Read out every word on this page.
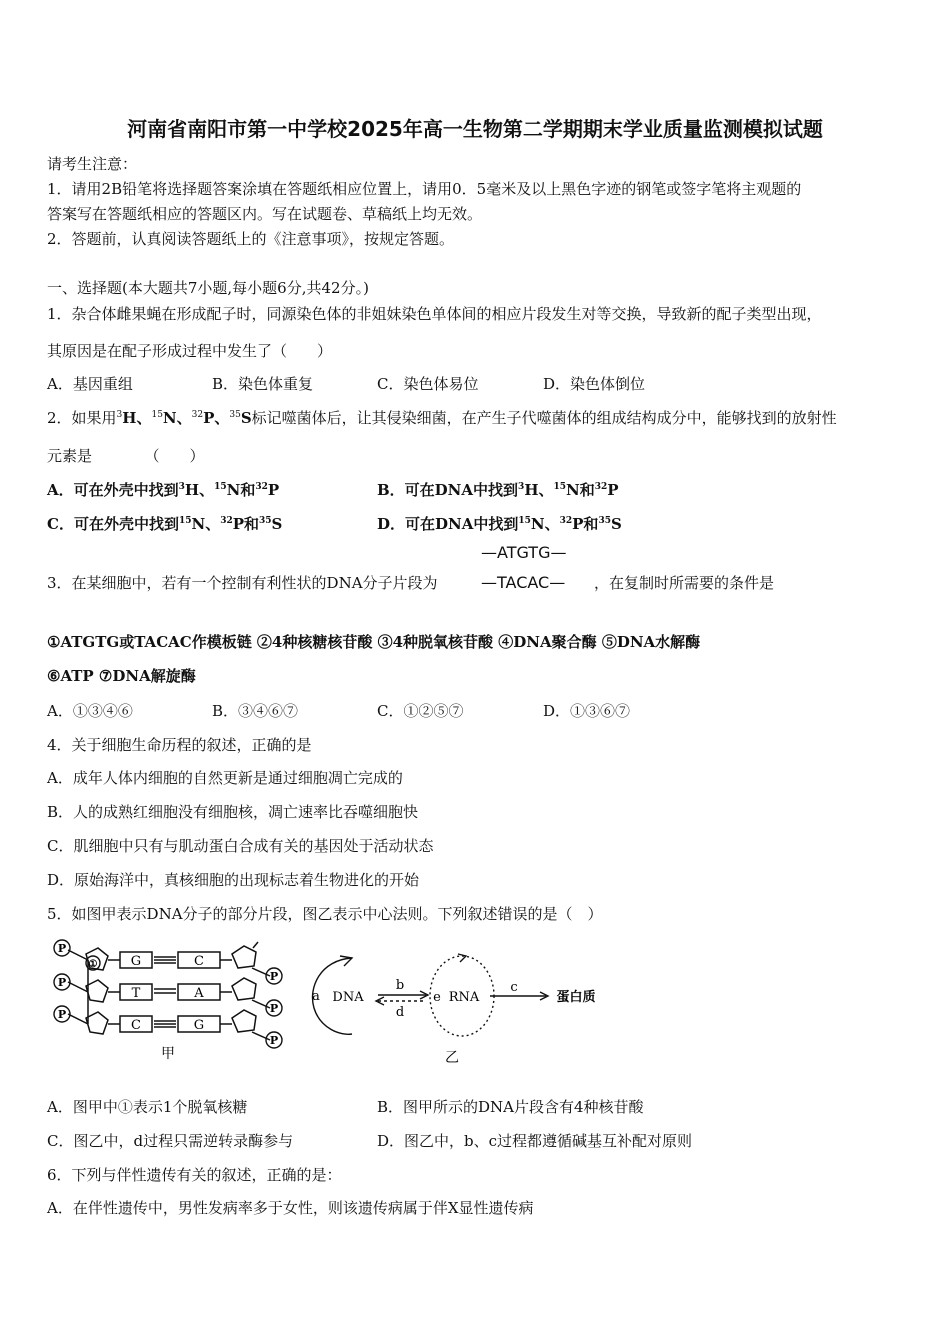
河南省南阳市第一中学校2025年高一生物第二学期期末学业质量监测模拟试题
请考生注意：
1．请用2B铅笔将选择题答案涂填在答题纸相应位置上，请用0．5毫米及以上黑色字迹的钢笔或签字笔将主观题的
答案写在答题纸相应的答题区内。写在试题卷、草稿纸上均无效。
2．答题前，认真阅读答题纸上的《注意事项》，按规定答题。
一、选择题(本大题共7小题,每小题6分,共42分。)
1．杂合体雌果蝇在形成配子时，同源染色体的非姐妹染色单体间的相应片段发生对等交换，导致新的配子类型出现，
其原因是在配子形成过程中发生了（　　）
A．基因重组	B．染色体重复	C．染色体易位	D．染色体倒位
2．如果用$^3$H、$^{15}$N、$^{32}$P、$^{35}$S标记噬菌体后，让其侵染细菌，在产生子代噬菌体的组成结构成分中，能够找到的放射性
元素是　　　　（　　）
A．可在外壳中找到$^3$H、$^{15}$N和$^{32}$P	B．可在DNA中找到$^3$H、$^{15}$N和$^{32}$P
C．可在外壳中找到$^{15}$N、$^{32}$P和$^{35}$S	D．可在DNA中找到$^{15}$N、$^{32}$P和$^{35}$S
3．在某细胞中，若有一个控制有利性状的DNA分子片段为
—ATGTG—
—TACAC— ，在复制时所需要的条件是
①ATGTG或TACAC作模板链 ②4种核糖核苷酸 ③4种脱氧核苷酸 ④DNA聚合酶 ⑤DNA水解酶
⑥ATP ⑦DNA解旋酶
A．①③④⑥	B．③④⑥⑦	C．①②⑤⑦	D．①③⑥⑦
4．关于细胞生命历程的叙述，正确的是
A．成年人体内细胞的自然更新是通过细胞凋亡完成的
B．人的成熟红细胞没有细胞核，凋亡速率比吞噬细胞快
C．肌细胞中只有与肌动蛋白合成有关的基因处于活动状态
D．原始海洋中，真核细胞的出现标志着生物进化的开始
5．如图甲表示DNA分子的部分片段，图乙表示中心法则。下列叙述错误的是（　）
P
P
P
P
P
P
①	G
T
C
C
A
G
甲
a DNA
b
d
e RNA
c
蛋白质
乙
A．图甲中①表示1个脱氧核糖	B．图甲所示的DNA片段含有4种核苷酸
C．图乙中，d过程只需逆转录酶参与	D．图乙中，b、c过程都遵循碱基互补配对原则
6．下列与伴性遗传有关的叙述，正确的是：
A．在伴性遗传中，男性发病率多于女性，则该遗传病属于伴X显性遗传病
